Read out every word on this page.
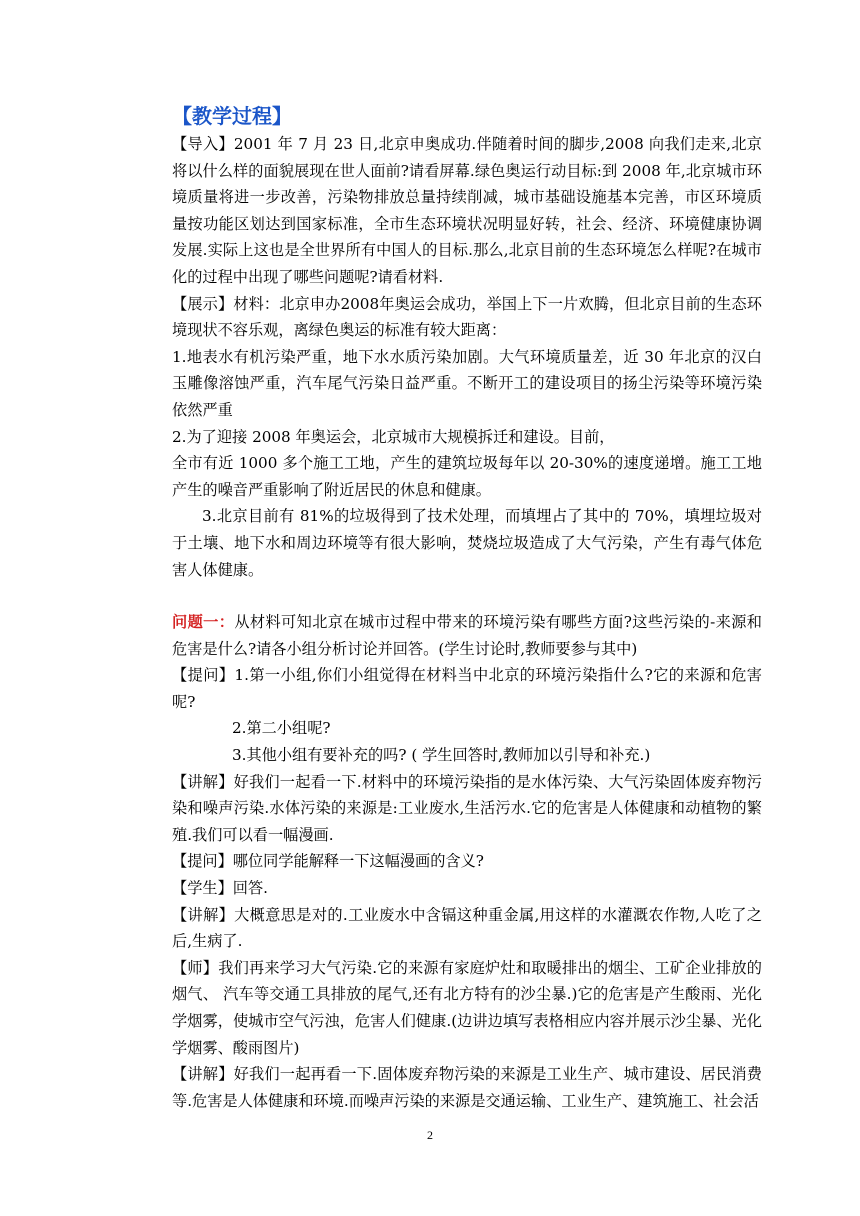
【教学过程】

【导入】2001 年 7 月 23 日,北京申奥成功.伴随着时间的脚步,2008 向我们走来,北京将以什么样的面貌展现在世人面前?请看屏幕.绿色奥运行动目标:到 2008 年,北京城市环境质量将进一步改善，污染物排放总量持续削减，城市基础设施基本完善，市区环境质量按功能区划达到国家标准，全市生态环境状况明显好转，社会、经济、环境健康协调发展.实际上这也是全世界所有中国人的目标.那么,北京目前的生态环境怎么样呢?在城市化的过程中出现了哪些问题呢?请看材料.

【展示】材料：北京申办2008年奥运会成功，举国上下一片欢腾，但北京目前的生态环境现状不容乐观，离绿色奥运的标准有较大距离：

1.地表水有机污染严重，地下水水质污染加剧。大气环境质量差，近 30 年北京的汉白玉雕像溶蚀严重，汽车尾气污染日益严重。不断开工的建设项目的扬尘污染等环境污染依然严重

2.为了迎接 2008 年奥运会，北京城市大规模拆迁和建设。目前，

全市有近 1000 多个施工工地，产生的建筑垃圾每年以 20-30%的速度递增。施工工地产生的噪音严重影响了附近居民的休息和健康。

3.北京目前有 81%的垃圾得到了技术处理，而填埋占了其中的 70%，填埋垃圾对于土壤、地下水和周边环境等有很大影响，焚烧垃圾造成了大气污染，产生有毒气体危害人体健康。

问题一：从材料可知北京在城市过程中带来的环境污染有哪些方面?这些污染的-来源和危害是什么?请各小组分析讨论并回答。(学生讨论时,教师要参与其中)

【提问】1.第一小组,你们小组觉得在材料当中北京的环境污染指什么?它的来源和危害呢?

2.第二小组呢?

3.其他小组有要补充的吗? ( 学生回答时,教师加以引导和补充.)

【讲解】好我们一起看一下.材料中的环境污染指的是水体污染、大气污染固体废弃物污染和噪声污染.水体污染的来源是:工业废水,生活污水.它的危害是人体健康和动植物的繁殖.我们可以看一幅漫画.

【提问】哪位同学能解释一下这幅漫画的含义?

【学生】回答.

【讲解】大概意思是对的.工业废水中含镉这种重金属,用这样的水灌溉农作物,人吃了之后,生病了.

【师】我们再来学习大气污染.它的来源有家庭炉灶和取暖排出的烟尘、工矿企业排放的烟气、 汽车等交通工具排放的尾气,还有北方特有的沙尘暴.)它的危害是产生酸雨、光化学烟雾，使城市空气污浊，危害人们健康.(边讲边填写表格相应内容并展示沙尘暴、光化学烟雾、酸雨图片)

【讲解】好我们一起再看一下.固体废弃物污染的来源是工业生产、城市建设、居民消费等.危害是人体健康和环境.而噪声污染的来源是交通运输、工业生产、建筑施工、社会活

2
